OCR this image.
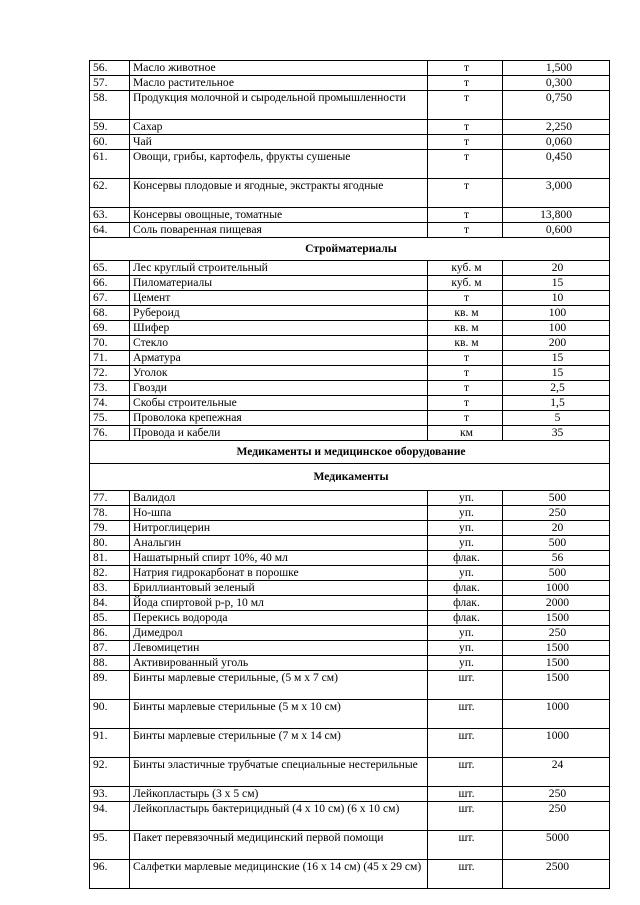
56.	Масло животное	т	1,500
57.	Масло растительное	т	0,300
58.	Продукция молочной и сыродельной промышленности	т	0,750
59.	Сахар	т	2,250
60.	Чай	т	0,060
61.	Овощи, грибы, картофель, фрукты сушеные	т	0,450
62.	Консервы плодовые и ягодные, экстракты ягодные	т	3,000
63.	Консервы овощные, томатные	т	13,800
64.	Соль поваренная пищевая	т	0,600
Стройматериалы			
65.	Лес круглый строительный	куб. м	20
66.	Пиломатериалы	куб. м	15
67.	Цемент	т	10
68.	Рубероид	кв. м	100
69.	Шифер	кв. м	100
70.	Стекло	кв. м	200
71.	Арматура	т	15
72.	Уголок	т	15
73.	Гвозди	т	2,5
74.	Скобы строительные	т	1,5
75.	Проволока крепежная	т	5
76.	Провода и кабели	км	35
Медикаменты и медицинское оборудование			
Медикаменты			
77.	Валидол	уп.	500
78.	Но-шпа	уп.	250
79.	Нитроглицерин	уп.	20
80.	Анальгин	уп.	500
81.	Нашатырный спирт 10%, 40 мл	флак.	56
82.	Натрия гидрокарбонат в порошке	уп.	500
83.	Бриллиантовый зеленый	флак.	1000
84.	Йода спиртовой р-р, 10 мл	флак.	2000
85.	Перекись водорода	флак.	1500
86.	Димедрол	уп.	250
87.	Левомицетин	уп.	1500
88.	Активированный уголь	уп.	1500
89.	Бинты марлевые стерильные, (5 м х 7 см)	шт.	1500
90.	Бинты марлевые стерильные (5 м х 10 см)	шт.	1000
91.	Бинты марлевые стерильные (7 м х 14 см)	шт.	1000
92.	Бинты эластичные трубчатые специальные нестерильные	шт.	24
93.	Лейкопластырь (3 х 5 см)	шт.	250
94.	Лейкопластырь бактерицидный (4 х 10 см) (6 х 10 см)	шт.	250
95.	Пакет перевязочный медицинский первой помощи	шт.	5000
96.	Салфетки марлевые медицинские (16 х 14 см) (45 х 29 см)	шт.	2500
